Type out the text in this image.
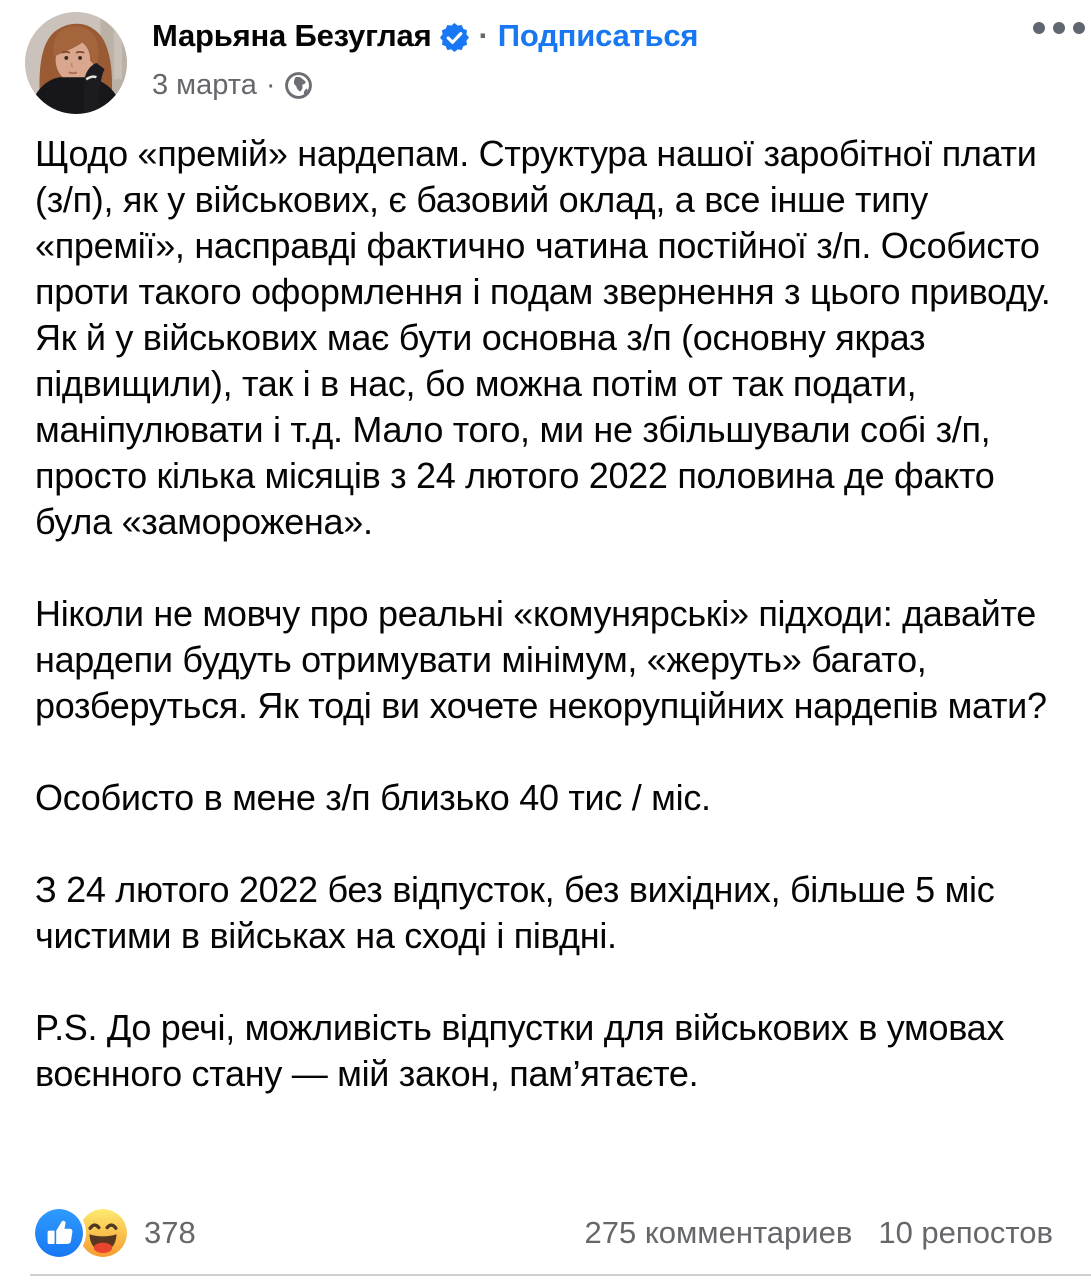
Марьяна Безуглая · Подписаться
3 марта ·

Щодо «премій» нардепам. Структура нашої заробітної плати (з/п), як у військових, є базовий оклад, а все інше типу «премії», насправді фактично чатина постійної з/п. Особисто проти такого оформлення і подам звернення з цього приводу. Як й у військових має бути основна з/п (основну якраз підвищили), так і в нас, бо можна потім от так подати, маніпулювати і т.д. Мало того, ми не збільшували собі з/п, просто кілька місяців з 24 лютого 2022 половина де факто була «заморожена».

Ніколи не мовчу про реальні «комунярські» підходи: давайте нардепи будуть отримувати мінімум, «жеруть» багато, розберуться. Як тоді ви хочете некорупційних нардепів мати?

Особисто в мене з/п близько 40 тис / міс.

З 24 лютого 2022 без відпусток, без вихідних, більше 5 міс чистими в військах на сході і півдні.

P.S. До речі, можливість відпустки для військових в умовах воєнного стану — мій закон, пам’ятаєте.

378	275 комментариев 10 репостов
